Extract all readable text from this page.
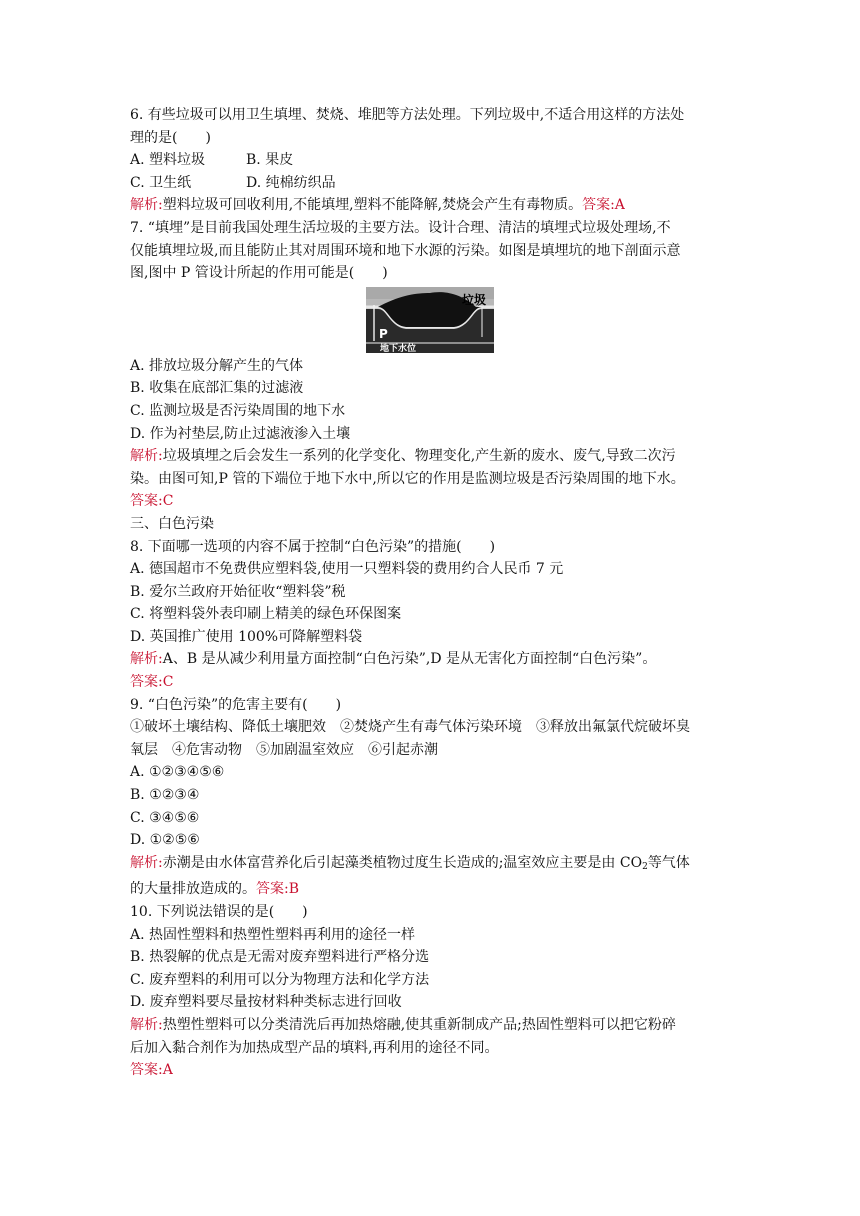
6. 有些垃圾可以用卫生填埋、焚烧、堆肥等方法处理。下列垃圾中,不适合用这样的方法处
理的是(　　)
A. 塑料垃圾	B. 果皮
C. 卫生纸	D. 纯棉纺织品
解析:塑料垃圾可回收利用,不能填埋,塑料不能降解,焚烧会产生有毒物质。答案:A
7. “填埋”是目前我国处理生活垃圾的主要方法。设计合理、清洁的填埋式垃圾处理场,不
仅能填埋垃圾,而且能防止其对周围环境和地下水源的污染。如图是填埋坑的地下剖面示意
图,图中 P 管设计所起的作用可能是(　　)
垃圾
P
地下水位
A. 排放垃圾分解产生的气体
B. 收集在底部汇集的过滤液
C. 监测垃圾是否污染周围的地下水
D. 作为衬垫层,防止过滤液渗入土壤
解析:垃圾填埋之后会发生一系列的化学变化、物理变化,产生新的废水、废气,导致二次污
染。由图可知,P 管的下端位于地下水中,所以它的作用是监测垃圾是否污染周围的地下水。
答案:C
三、白色污染
8. 下面哪一选项的内容不属于控制“白色污染”的措施(　　)
A. 德国超市不免费供应塑料袋,使用一只塑料袋的费用约合人民币 7 元
B. 爱尔兰政府开始征收“塑料袋”税
C. 将塑料袋外表印刷上精美的绿色环保图案
D. 英国推广使用 100%可降解塑料袋
解析:A、B 是从减少利用量方面控制“白色污染”,D 是从无害化方面控制“白色污染”。
答案:C
9. “白色污染”的危害主要有(　　)
①破坏土壤结构、降低土壤肥效　②焚烧产生有毒气体污染环境　③释放出氟氯代烷破坏臭
氧层　④危害动物　⑤加剧温室效应　⑥引起赤潮
A. ①②③④⑤⑥
B. ①②③④
C. ③④⑤⑥
D. ①②⑤⑥
解析:赤潮是由水体富营养化后引起藻类植物过度生长造成的;温室效应主要是由 $CO_2$等气体
的大量排放造成的。答案:B
10. 下列说法错误的是(　　)
A. 热固性塑料和热塑性塑料再利用的途径一样
B. 热裂解的优点是无需对废弃塑料进行严格分选
C. 废弃塑料的利用可以分为物理方法和化学方法
D. 废弃塑料要尽量按材料种类标志进行回收
解析:热塑性塑料可以分类清洗后再加热熔融,使其重新制成产品;热固性塑料可以把它粉碎
后加入黏合剂作为加热成型产品的填料,再利用的途径不同。
答案:A
